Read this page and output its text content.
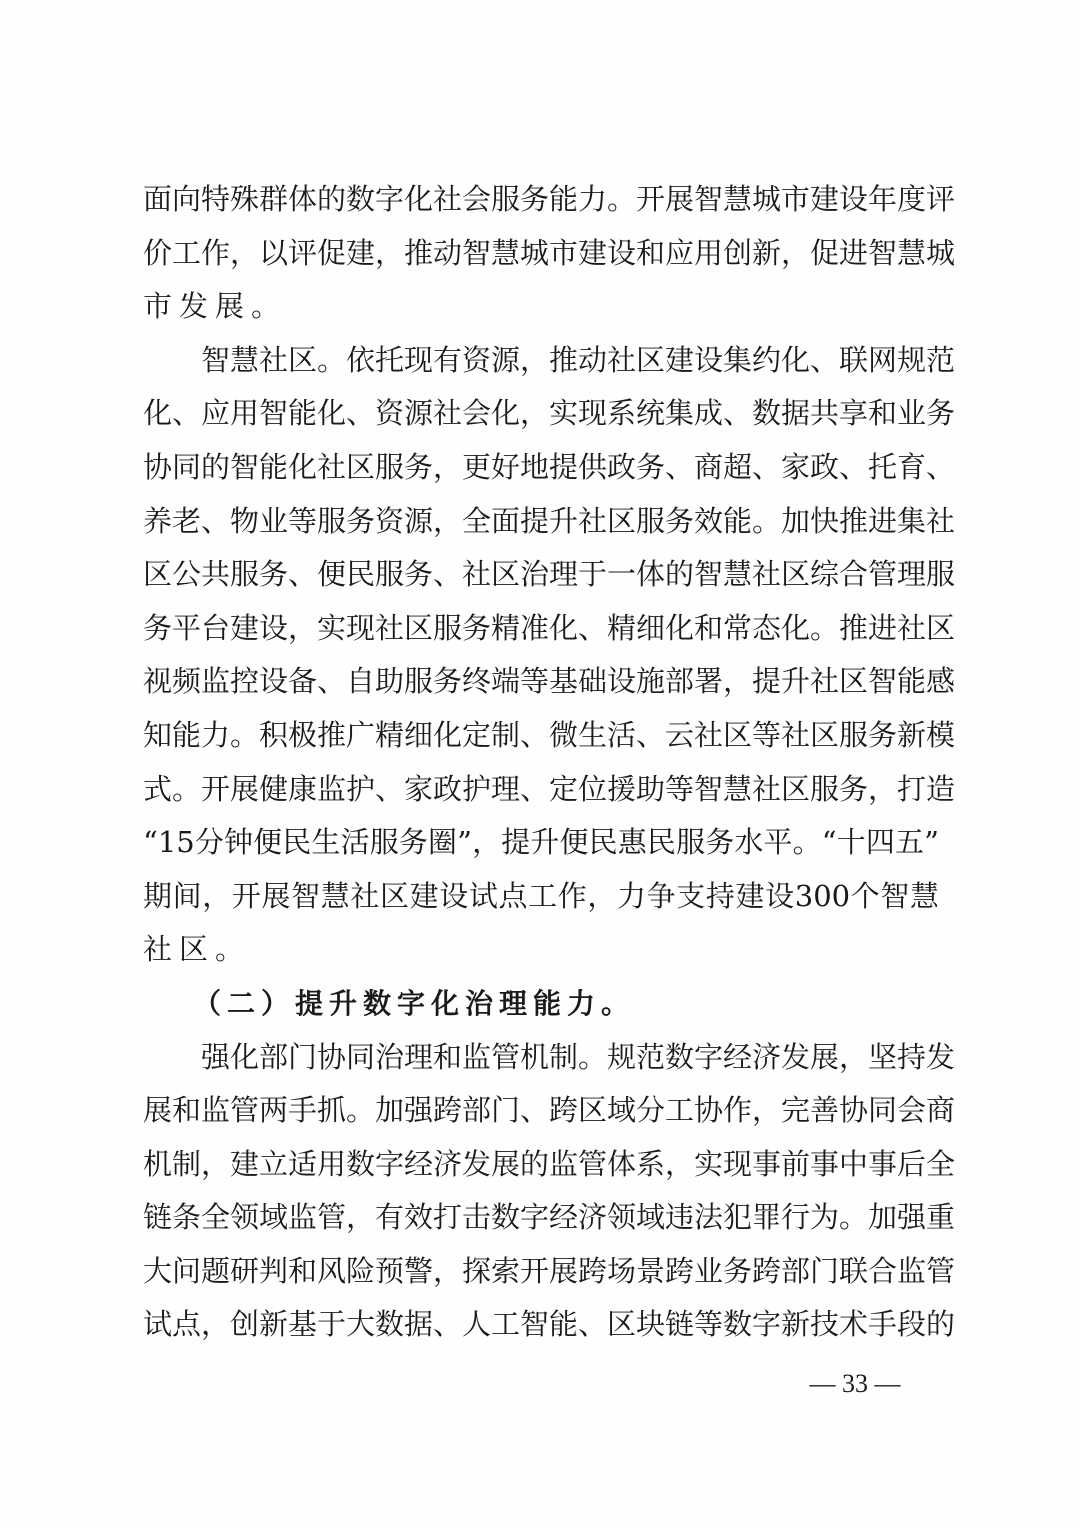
面向特殊群体的数字化社会服务能力。开展智慧城市建设年度评
价工作，以评促建，推动智慧城市建设和应用创新，促进智慧城
市发展。
智慧社区。依托现有资源，推动社区建设集约化、联网规范
化、应用智能化、资源社会化，实现系统集成、数据共享和业务
协同的智能化社区服务，更好地提供政务、商超、家政、托育、
养老、物业等服务资源，全面提升社区服务效能。加快推进集社
区公共服务、便民服务、社区治理于一体的智慧社区综合管理服
务平台建设，实现社区服务精准化、精细化和常态化。推进社区
视频监控设备、自助服务终端等基础设施部署，提升社区智能感
知能力。积极推广精细化定制、微生活、云社区等社区服务新模
式。开展健康监护、家政护理、定位援助等智慧社区服务，打造
“15分钟便民生活服务圈”，提升便民惠民服务水平。“十四五”
期间，开展智慧社区建设试点工作，力争支持建设300个智慧
社区。
（二）提升数字化治理能力。
强化部门协同治理和监管机制。规范数字经济发展，坚持发
展和监管两手抓。加强跨部门、跨区域分工协作，完善协同会商
机制，建立适用数字经济发展的监管体系，实现事前事中事后全
链条全领域监管，有效打击数字经济领域违法犯罪行为。加强重
大问题研判和风险预警，探索开展跨场景跨业务跨部门联合监管
试点，创新基于大数据、人工智能、区块链等数字新技术手段的
— 33 —
